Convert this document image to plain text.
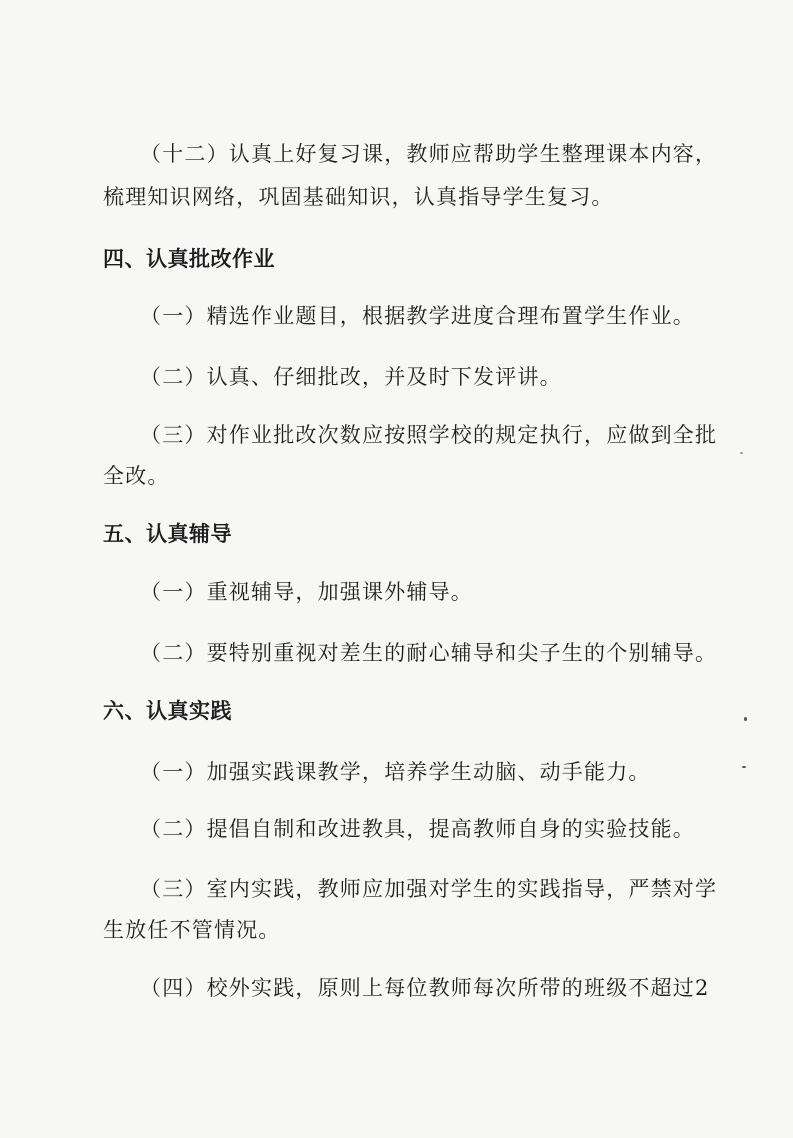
（十二）认真上好复习课，教师应帮助学生整理课本内容，
梳理知识网络，巩固基础知识，认真指导学生复习。
四、认真批改作业
（一）精选作业题目，根据教学进度合理布置学生作业。
（二）认真、仔细批改，并及时下发评讲。
（三）对作业批改次数应按照学校的规定执行，应做到全批
全改。
五、认真辅导
（一）重视辅导，加强课外辅导。
（二）要特别重视对差生的耐心辅导和尖子生的个别辅导。
六、认真实践
（一）加强实践课教学，培养学生动脑、动手能力。
（二）提倡自制和改进教具，提高教师自身的实验技能。
（三）室内实践，教师应加强对学生的实践指导，严禁对学
生放任不管情况。
（四）校外实践，原则上每位教师每次所带的班级不超过2
